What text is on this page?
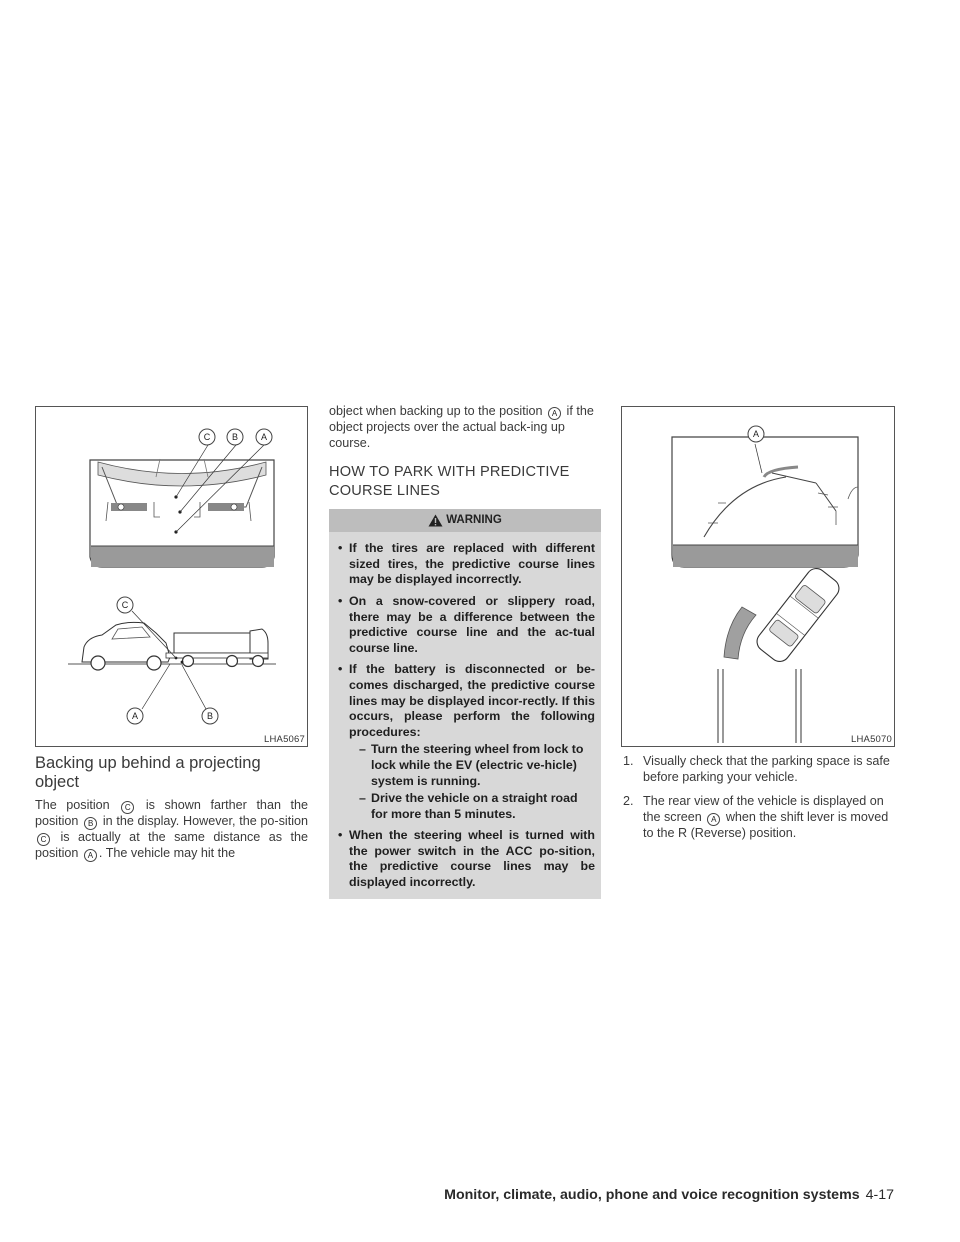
C B	A
C
A	B
LHA5067

Backing up behind a projecting object

The position C is shown farther than the position B in the display. However, the po-sition C is actually at the same distance as the position A . The vehicle may hit the

object when backing up to the position A if the object projects over the actual back-ing up course.

HOW TO PARK WITH PREDICTIVE COURSE LINES

WARNING
• If the tires are replaced with different sized tires, the predictive course lines may be displayed incorrectly.
• On a snow-covered or slippery road, there may be a difference between the predictive course line and the ac-tual course line.
• If the battery is disconnected or be-comes discharged, the predictive course lines may be displayed incor-rectly. If this occurs, please perform the following procedures:
– Turn the steering wheel from lock to lock while the EV (electric ve-hicle) system is running.
– Drive the vehicle on a straight road for more than 5 minutes.
• When the steering wheel is turned with the power switch in the ACC po-sition, the predictive course lines may be displayed incorrectly.
A
LHA5070
1. Visually check that the parking space is safe before parking your vehicle.
2. The rear view of the vehicle is displayed on the screen A when the shift lever is moved to the R (Reverse) position.
Monitor, climate, audio, phone and voice recognition systems 4-17
